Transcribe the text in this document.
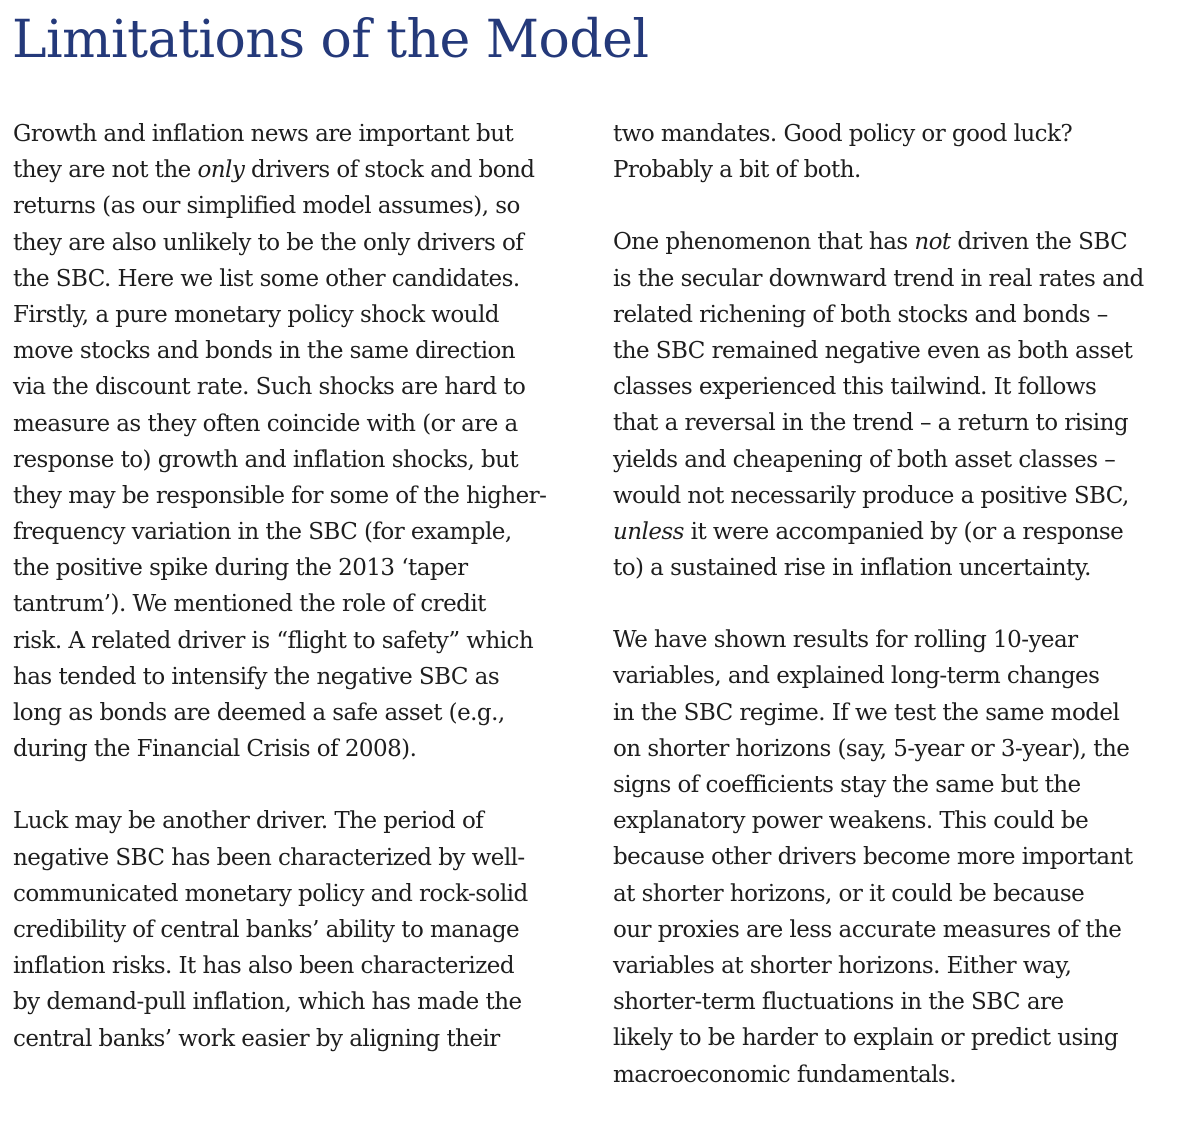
Limitations of the Model
Growth and inflation news are important but
they are not the only drivers of stock and bond
returns (as our simplified model assumes), so
they are also unlikely to be the only drivers of
the SBC. Here we list some other candidates.
Firstly, a pure monetary policy shock would
move stocks and bonds in the same direction
via the discount rate. Such shocks are hard to
measure as they often coincide with (or are a
response to) growth and inflation shocks, but
they may be responsible for some of the higher-
frequency variation in the SBC (for example,
the positive spike during the 2013 ‘taper
tantrum’). We mentioned the role of credit
risk. A related driver is “flight to safety” which
has tended to intensify the negative SBC as
long as bonds are deemed a safe asset (e.g.,
during the Financial Crisis of 2008).
Luck may be another driver. The period of
negative SBC has been characterized by well-
communicated monetary policy and rock-solid
credibility of central banks’ ability to manage
inflation risks. It has also been characterized
by demand-pull inflation, which has made the
central banks’ work easier by aligning their
two mandates. Good policy or good luck?
Probably a bit of both.
One phenomenon that has not driven the SBC
is the secular downward trend in real rates and
related richening of both stocks and bonds –
the SBC remained negative even as both asset
classes experienced this tailwind. It follows
that a reversal in the trend – a return to rising
yields and cheapening of both asset classes –
would not necessarily produce a positive SBC,
unless it were accompanied by (or a response
to) a sustained rise in inflation uncertainty.
We have shown results for rolling 10-year
variables, and explained long-term changes
in the SBC regime. If we test the same model
on shorter horizons (say, 5-year or 3-year), the
signs of coefficients stay the same but the
explanatory power weakens. This could be
because other drivers become more important
at shorter horizons, or it could be because
our proxies are less accurate measures of the
variables at shorter horizons. Either way,
shorter-term fluctuations in the SBC are
likely to be harder to explain or predict using
macroeconomic fundamentals.
